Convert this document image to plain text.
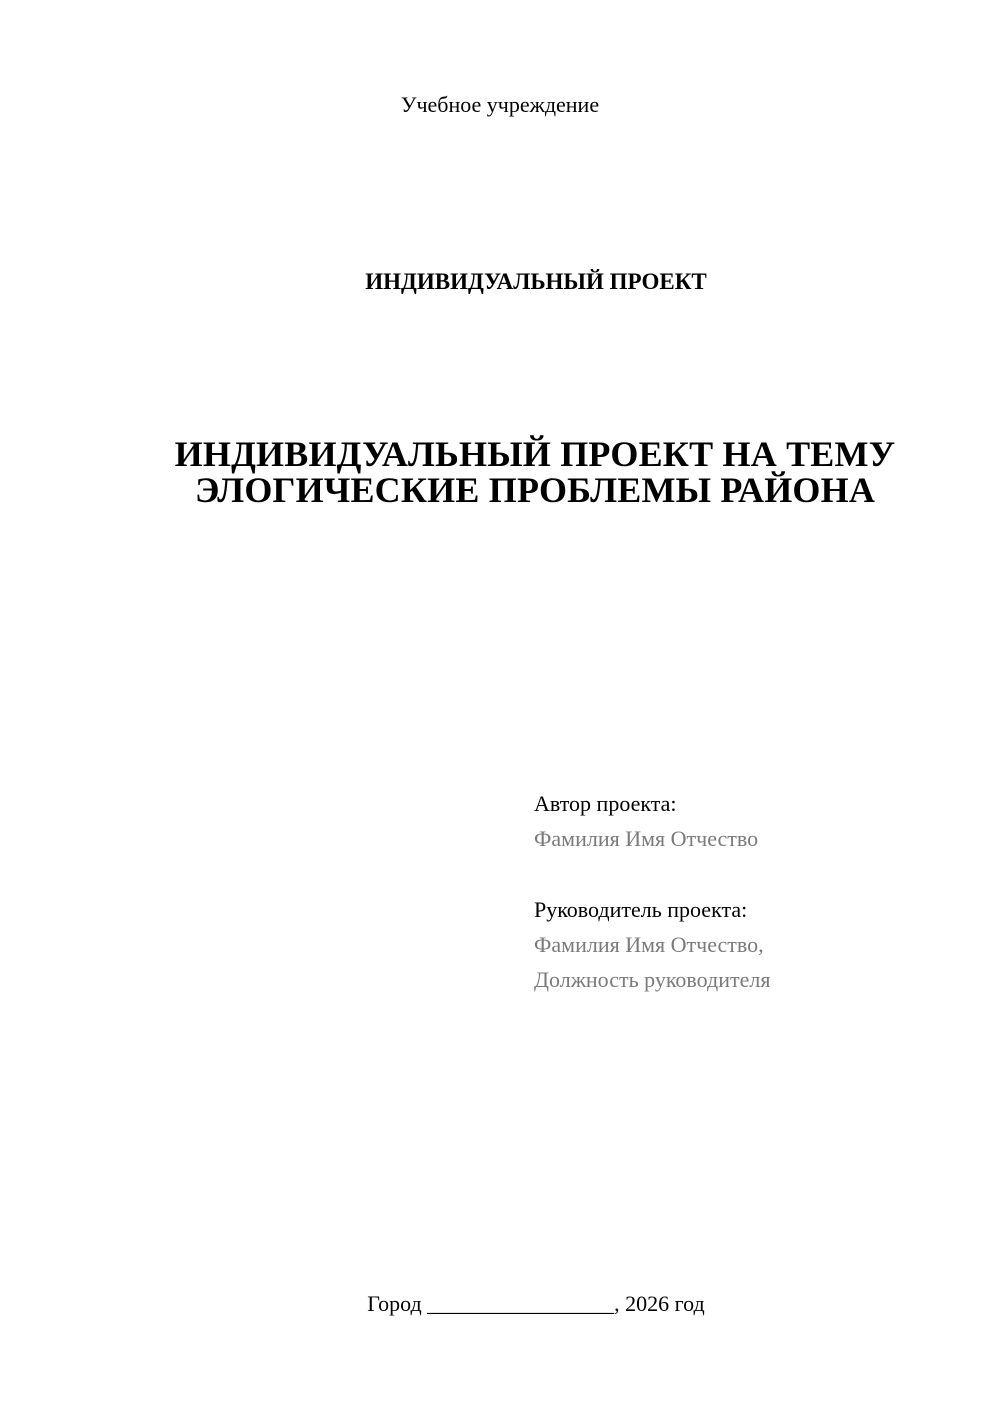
Учебное учреждение
ИНДИВИДУАЛЬНЫЙ ПРОЕКТ
ИНДИВИДУАЛЬНЫЙ ПРОЕКТ НА ТЕМУ
ЭЛОГИЧЕСКИЕ ПРОБЛЕМЫ РАЙОНА
Автор проекта:
Фамилия Имя Отчество
Руководитель проекта:
Фамилия Имя Отчество,
Должность руководителя
Город _________________, 2026 год
